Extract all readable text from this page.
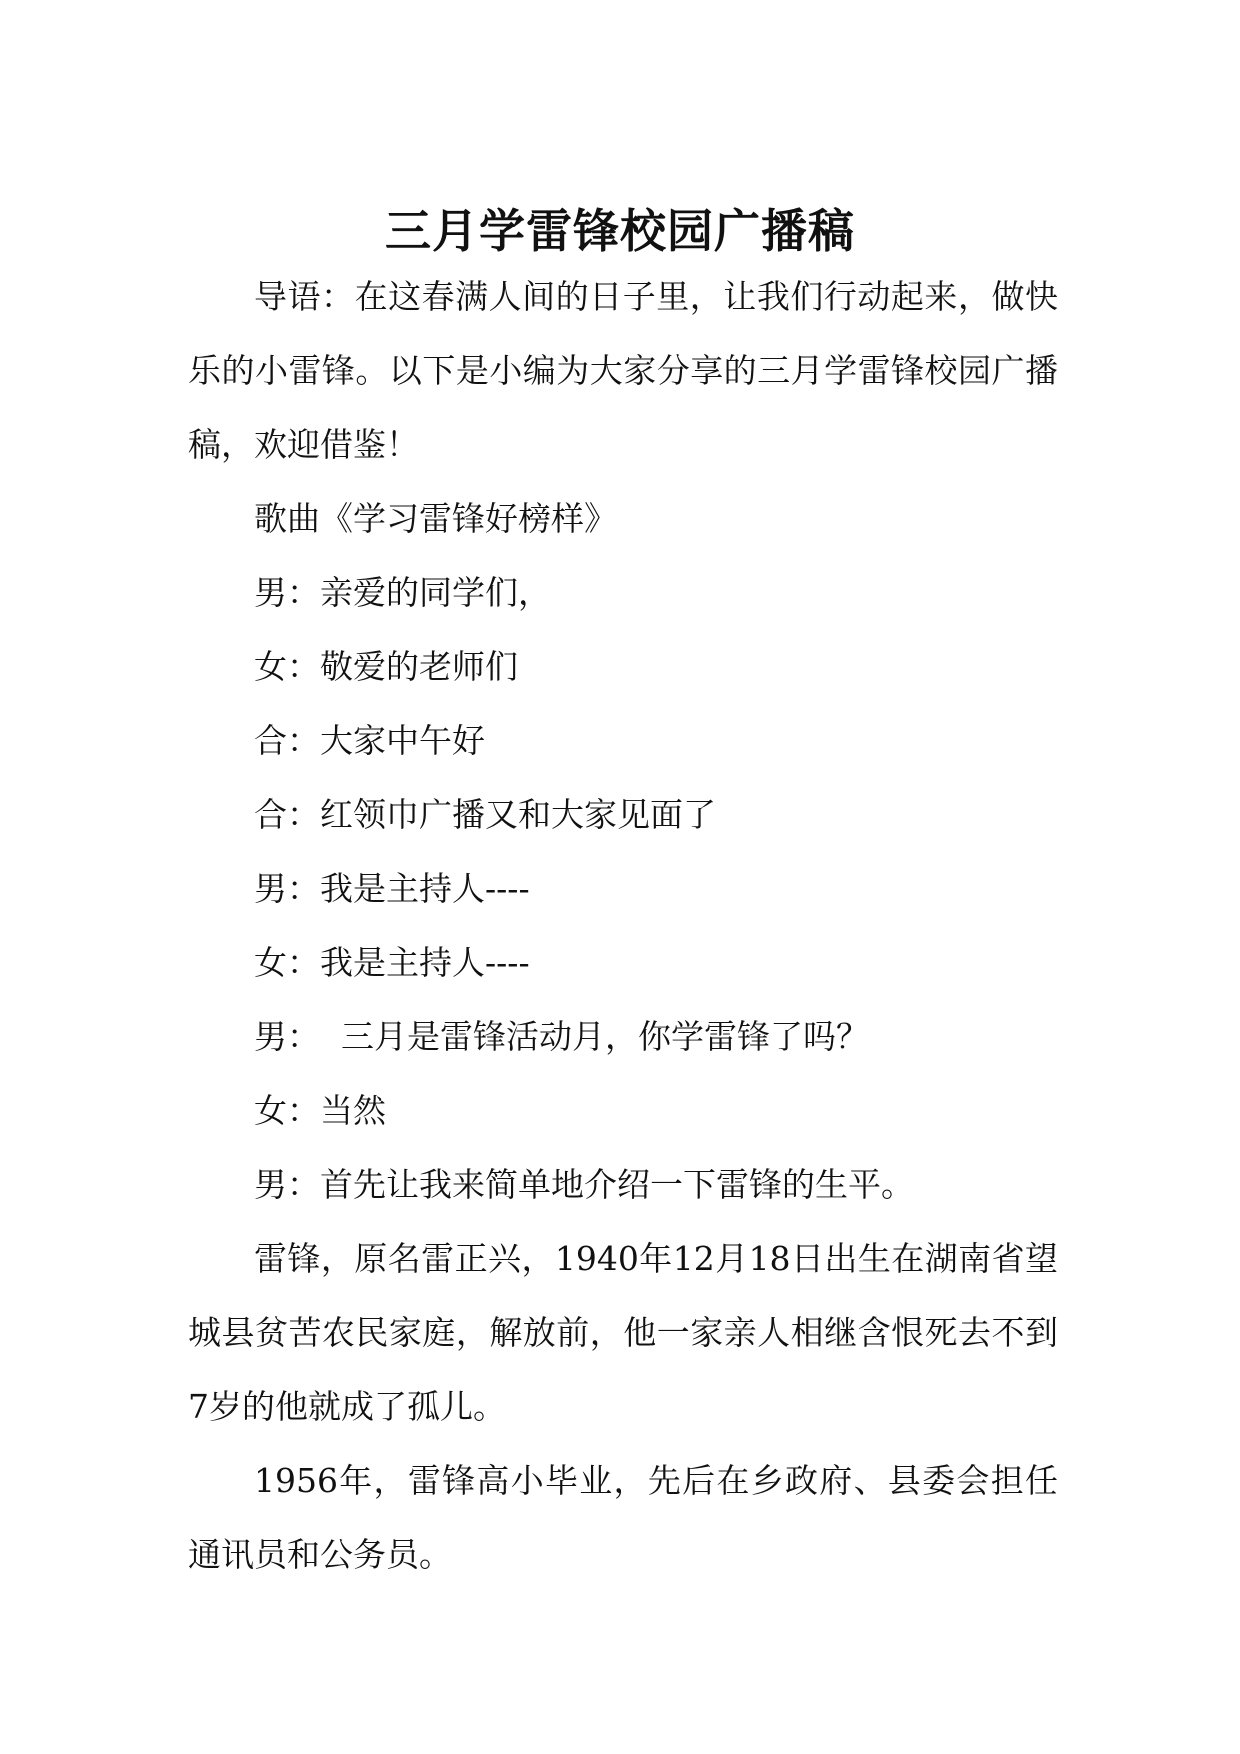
三月学雷锋校园广播稿

导语：在这春满人间的日子里，让我们行动起来，做快乐的小雷锋。以下是小编为大家分享的三月学雷锋校园广播稿，欢迎借鉴！

歌曲《学习雷锋好榜样》

男：亲爱的同学们，

女：敬爱的老师们

合：大家中午好

合：红领巾广播又和大家见面了

男：我是主持人----

女：我是主持人----

男：  三月是雷锋活动月，你学雷锋了吗？

女：当然

男：首先让我来简单地介绍一下雷锋的生平。

雷锋，原名雷正兴，1940年12月18日出生在湖南省望城县贫苦农民家庭，解放前，他一家亲人相继含恨死去不到7岁的他就成了孤儿。

1956年，雷锋高小毕业，先后在乡政府、县委会担任通讯员和公务员。
